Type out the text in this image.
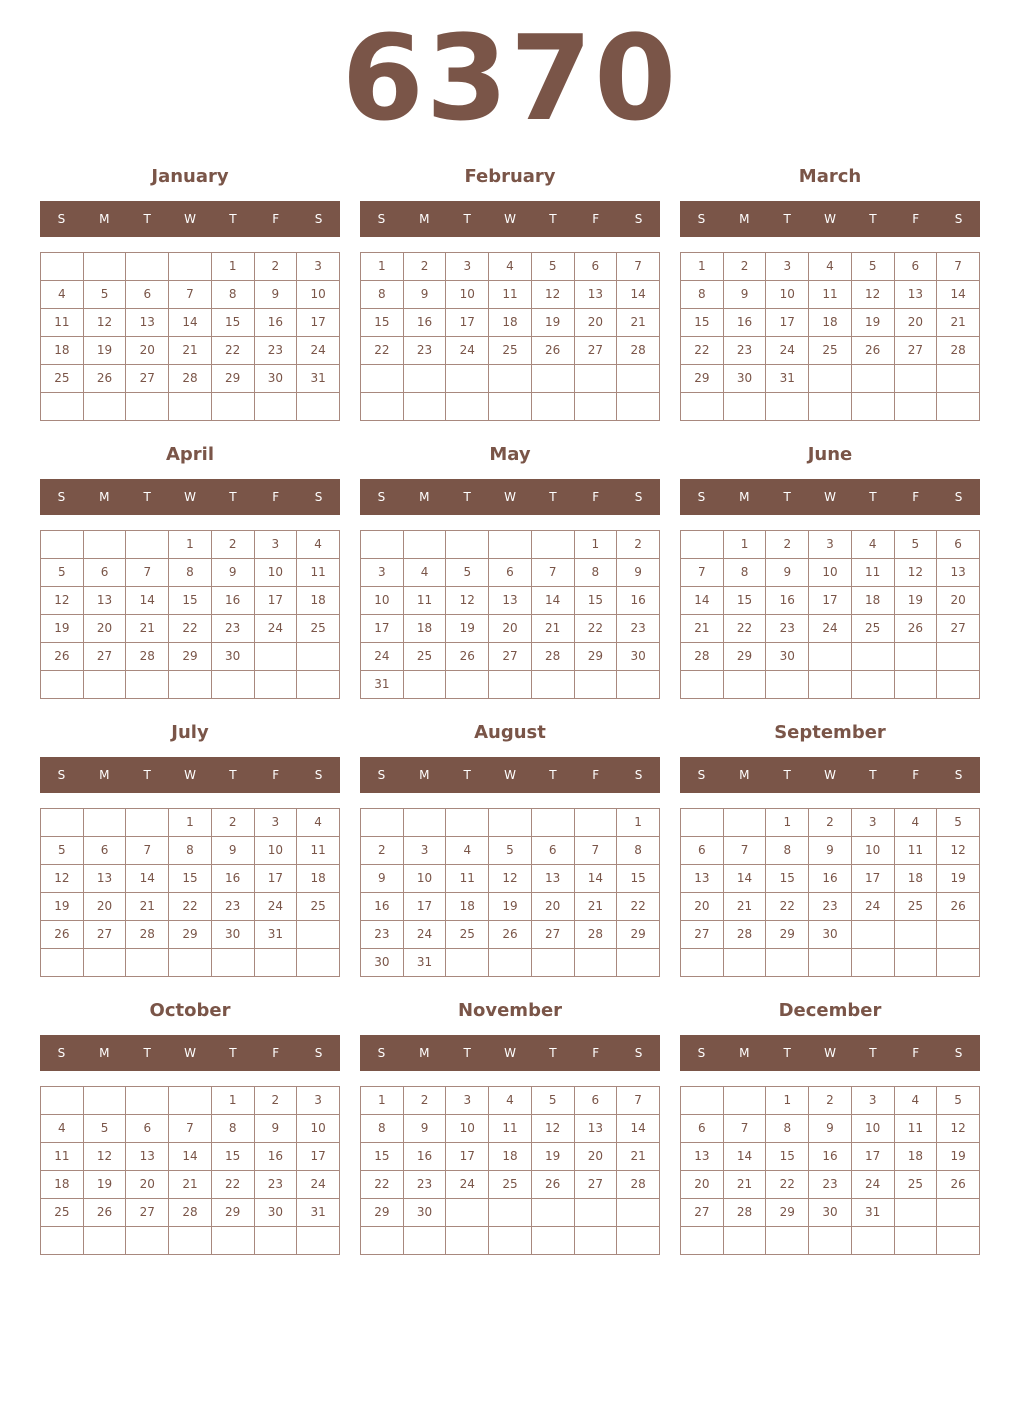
6370
January
S	M	T	W	T	F	S
				1	2	3
4	5	6	7	8	9	10
11	12	13	14	15	16	17
18	19	20	21	22	23	24
25	26	27	28	29	30	31

February
S	M	T	W	T	F	S
1	2	3	4	5	6	7
8	9	10	11	12	13	14
15	16	17	18	19	20	21
22	23	24	25	26	27	28

March
S	M	T	W	T	F	S
1	2	3	4	5	6	7
8	9	10	11	12	13	14
15	16	17	18	19	20	21
22	23	24	25	26	27	28
29	30	31				

April
S	M	T	W	T	F	S
			1	2	3	4
5	6	7	8	9	10	11
12	13	14	15	16	17	18
19	20	21	22	23	24	25
26	27	28	29	30		

May
S	M	T	W	T	F	S
					1	2
3	4	5	6	7	8	9
10	11	12	13	14	15	16
17	18	19	20	21	22	23
24	25	26	27	28	29	30
31						
June
S	M	T	W	T	F	S
	1	2	3	4	5	6
7	8	9	10	11	12	13
14	15	16	17	18	19	20
21	22	23	24	25	26	27
28	29	30				

July
S	M	T	W	T	F	S
			1	2	3	4
5	6	7	8	9	10	11
12	13	14	15	16	17	18
19	20	21	22	23	24	25
26	27	28	29	30	31	

August
S	M	T	W	T	F	S
						1
2	3	4	5	6	7	8
9	10	11	12	13	14	15
16	17	18	19	20	21	22
23	24	25	26	27	28	29
30	31					
September
S	M	T	W	T	F	S
		1	2	3	4	5
6	7	8	9	10	11	12
13	14	15	16	17	18	19
20	21	22	23	24	25	26
27	28	29	30			

October
S	M	T	W	T	F	S
				1	2	3
4	5	6	7	8	9	10
11	12	13	14	15	16	17
18	19	20	21	22	23	24
25	26	27	28	29	30	31

November
S	M	T	W	T	F	S
1	2	3	4	5	6	7
8	9	10	11	12	13	14
15	16	17	18	19	20	21
22	23	24	25	26	27	28
29	30					

December
S	M	T	W	T	F	S
		1	2	3	4	5
6	7	8	9	10	11	12
13	14	15	16	17	18	19
20	21	22	23	24	25	26
27	28	29	30	31		
